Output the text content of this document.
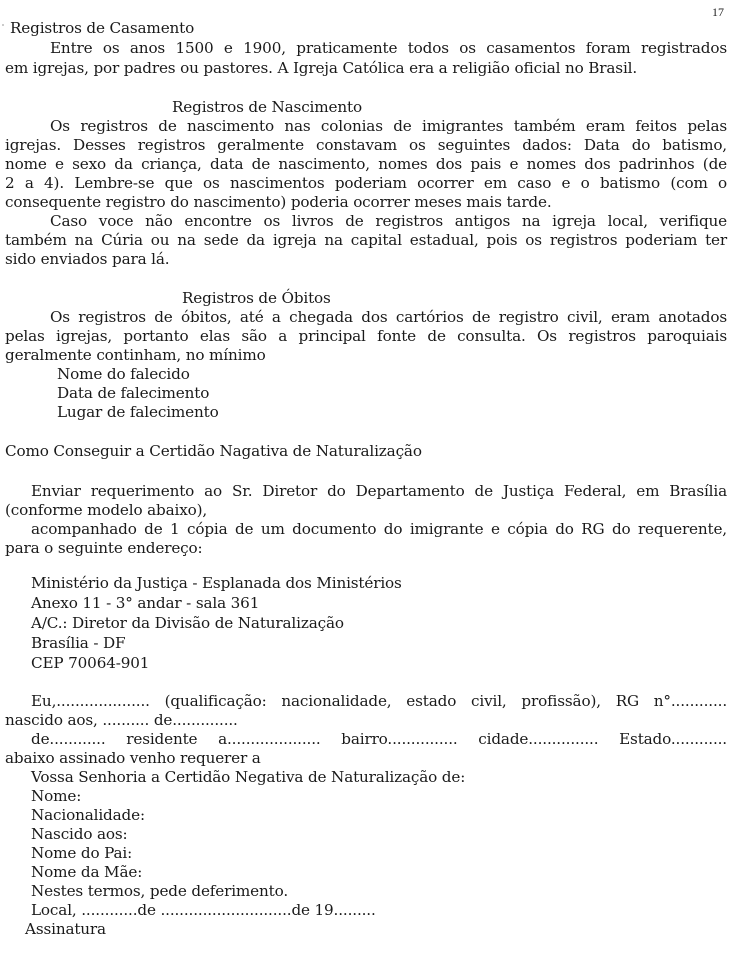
17
Registros de Casamento
Entre os anos 1500 e 1900, praticamente todos os casamentos foram registrados
em igrejas, por padres ou pastores. A Igreja Católica era a religião oficial no Brasil.
Registros de Nascimento
Os registros de nascimento nas colonias de imigrantes também eram feitos pelas
igrejas. Desses registros geralmente constavam os seguintes dados: Data do batismo,
nome e sexo da criança, data de nascimento, nomes dos pais e nomes dos padrinhos (de
2 a 4). Lembre-se que os nascimentos poderiam ocorrer em caso e o batismo (com o
consequente registro do nascimento) poderia ocorrer meses mais tarde.
Caso voce não encontre os livros de registros antigos na igreja local, verifique
também na Cúria ou na sede da igreja na capital estadual, pois os registros poderiam ter
sido enviados para lá.
Registros de Óbitos
Os registros de óbitos, até a chegada dos cartórios de registro civil, eram anotados
pelas igrejas, portanto elas são a principal fonte de consulta. Os registros paroquiais
geralmente continham, no mínimo
Nome do falecido
Data de falecimento
Lugar de falecimento
Como Conseguir a Certidão Nagativa de Naturalização
Enviar requerimento ao Sr. Diretor do Departamento de Justiça Federal, em Brasília
(conforme modelo abaixo),
acompanhado de 1 cópia de um documento do imigrante e cópia do RG do requerente,
para o seguinte endereço:
Ministério da Justiça - Esplanada dos Ministérios
Anexo 11 - 3° andar - sala 361
A/C.: Diretor da Divisão de Naturalização
Brasília - DF
CEP 70064-901
Eu,.................... (qualificação: nacionalidade, estado civil, profissão), RG n°............
nascido aos, .......... de..............
de............ residente a.................... bairro............... cidade............... Estado............
abaixo assinado venho requerer a
Vossa Senhoria a Certidão Negativa de Naturalização de:
Nome:
Nacionalidade:
Nascido aos:
Nome do Pai:
Nome da Mãe:
Nestes termos, pede deferimento.
Local, ............de ............................de 19.........
Assinatura
